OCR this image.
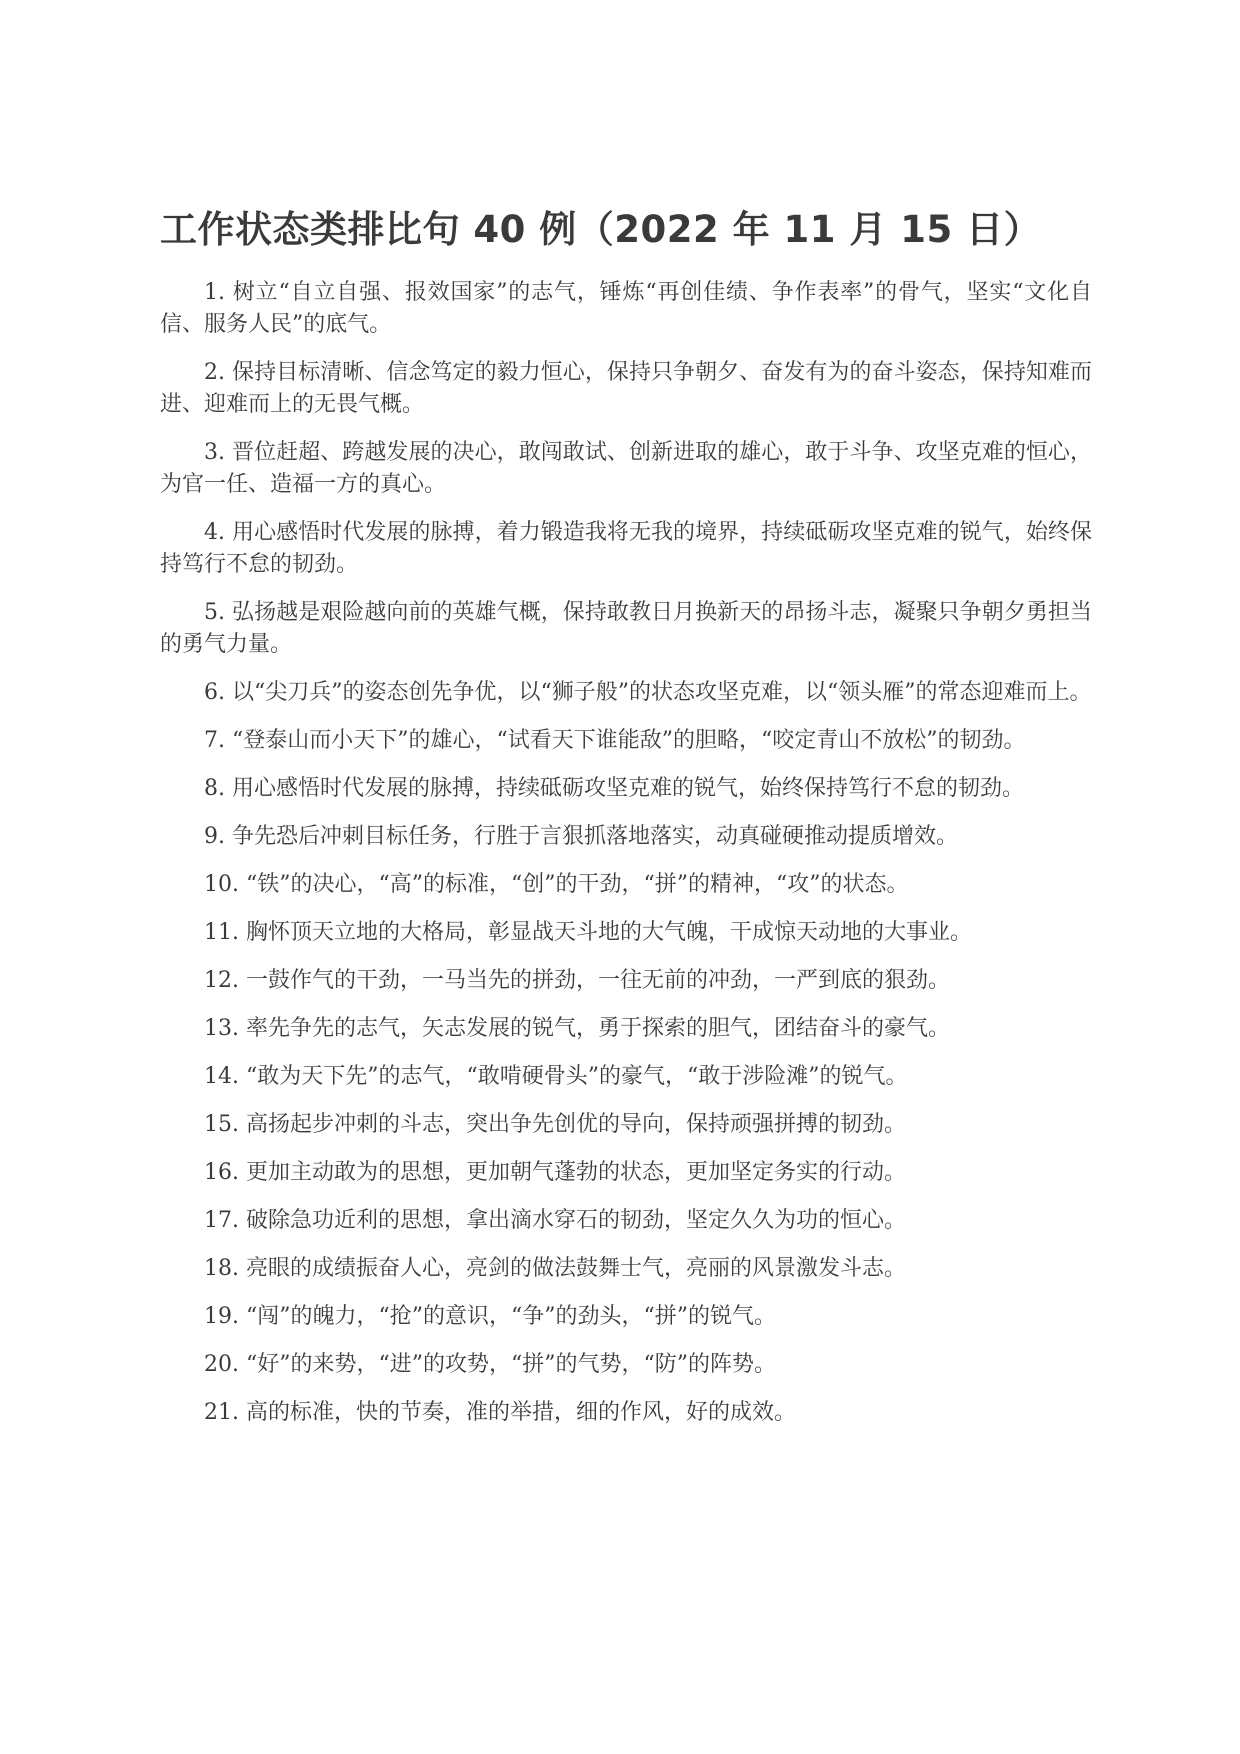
工作状态类排比句 40 例（2022 年 11 月 15 日）
1. 树立“自立自强、报效国家”的志气，锤炼“再创佳绩、争作表率”的骨气，坚实“文化自信、服务人民”的底气。
2. 保持目标清晰、信念笃定的毅力恒心，保持只争朝夕、奋发有为的奋斗姿态，保持知难而进、迎难而上的无畏气概。
3. 晋位赶超、跨越发展的决心，敢闯敢试、创新进取的雄心，敢于斗争、攻坚克难的恒心，为官一任、造福一方的真心。
4. 用心感悟时代发展的脉搏，着力锻造我将无我的境界，持续砥砺攻坚克难的锐气，始终保持笃行不怠的韧劲。
5. 弘扬越是艰险越向前的英雄气概，保持敢教日月换新天的昂扬斗志，凝聚只争朝夕勇担当的勇气力量。
6. 以“尖刀兵”的姿态创先争优，以“狮子般”的状态攻坚克难，以“领头雁”的常态迎难而上。
7. “登泰山而小天下”的雄心，“试看天下谁能敌”的胆略，“咬定青山不放松”的韧劲。
8. 用心感悟时代发展的脉搏，持续砥砺攻坚克难的锐气，始终保持笃行不怠的韧劲。
9. 争先恐后冲刺目标任务，行胜于言狠抓落地落实，动真碰硬推动提质增效。
10. “铁”的决心，“高”的标准，“创”的干劲，“拼”的精神，“攻”的状态。
11. 胸怀顶天立地的大格局，彰显战天斗地的大气魄，干成惊天动地的大事业。
12. 一鼓作气的干劲，一马当先的拼劲，一往无前的冲劲，一严到底的狠劲。
13. 率先争先的志气，矢志发展的锐气，勇于探索的胆气，团结奋斗的豪气。
14. “敢为天下先”的志气，“敢啃硬骨头”的豪气，“敢于涉险滩”的锐气。
15. 高扬起步冲刺的斗志，突出争先创优的导向，保持顽强拼搏的韧劲。
16. 更加主动敢为的思想，更加朝气蓬勃的状态，更加坚定务实的行动。
17. 破除急功近利的思想，拿出滴水穿石的韧劲，坚定久久为功的恒心。
18. 亮眼的成绩振奋人心，亮剑的做法鼓舞士气，亮丽的风景激发斗志。
19. “闯”的魄力，“抢”的意识，“争”的劲头，“拼”的锐气。
20. “好”的来势，“进”的攻势，“拼”的气势，“防”的阵势。
21. 高的标准，快的节奏，准的举措，细的作风，好的成效。
